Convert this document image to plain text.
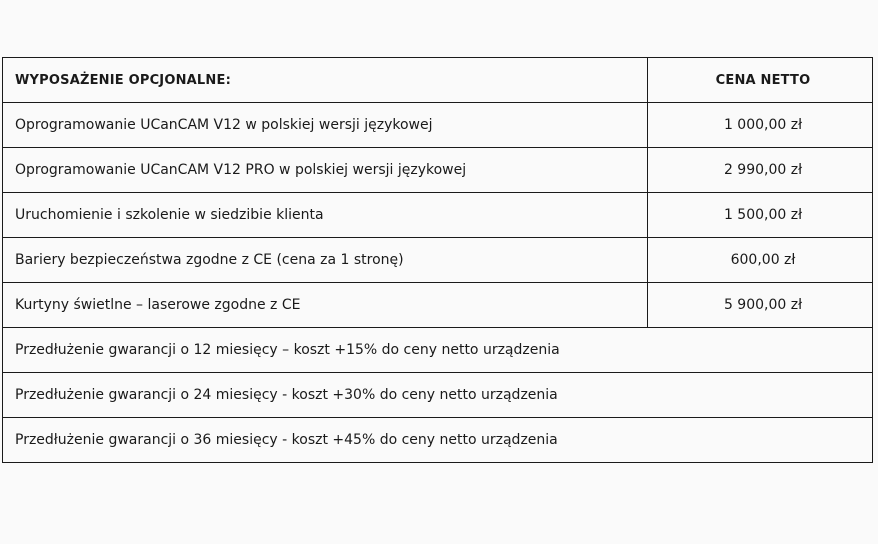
WYPOSAŻENIE OPCJONALNE:	CENA NETTO
Oprogramowanie UCanCAM V12 w polskiej wersji językowej	1 000,00 zł
Oprogramowanie UCanCAM V12 PRO w polskiej wersji językowej	2 990,00 zł
Uruchomienie i szkolenie w siedzibie klienta	1 500,00 zł
Bariery bezpieczeństwa zgodne z CE (cena za 1 stronę)	600,00 zł
Kurtyny świetlne – laserowe zgodne z CE	5 900,00 zł
Przedłużenie gwarancji o 12 miesięcy – koszt +15% do ceny netto urządzenia	
Przedłużenie gwarancji o 24 miesięcy - koszt +30% do ceny netto urządzenia	
Przedłużenie gwarancji o 36 miesięcy - koszt +45% do ceny netto urządzenia	
